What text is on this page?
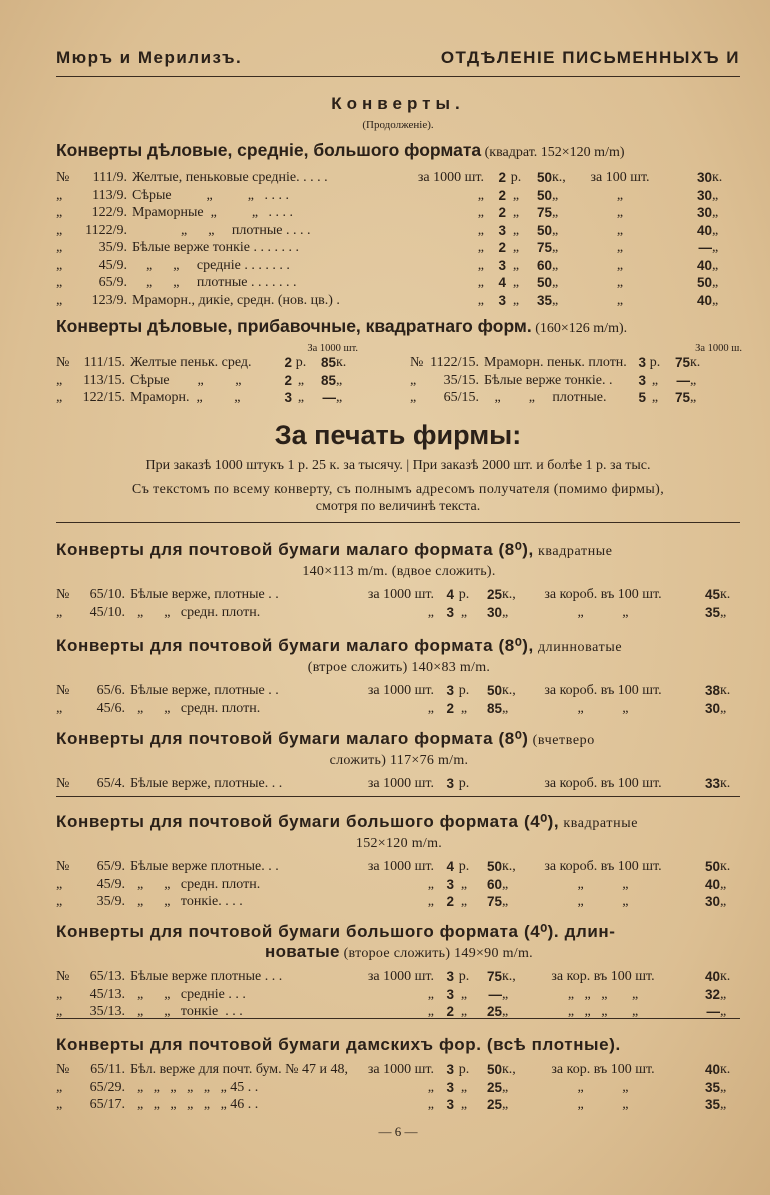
Мюръ и Мерилизъ.	ОТДѢЛЕНІЕ ПИСЬМЕННЫХЪ И
Конверты.
(Продолженіе).
Конверты дѣловые, средніе, большого формата (квадрат. 152×120 m/m)
№	111/9. Желтые, пеньковые средніе. . . . .	за 1000 шт.	2 р.	50 к.,	за 100 шт.	30 к.
„	113/9. Сѣрые          „          „   . . . .	„	2 „	50 „	„	30 „
„	122/9. Мраморные  „          „   . . . .	„	2 „	75 „	„	30 „
„	1122/9. „      „     плотные . . . .	„	3 „	50 „	„	40 „
„	35/9. Бѣлые верже тонкіе . . . . . . .	„	2 „	75 „	„	— „
„	45/9. „      „     средніе . . . . . . .	„	3 „	60 „	„	40 „
„	65/9. „      „     плотные . . . . . . .	„	4 „	50 „	„	50 „
„	123/9. Мраморн., дикіе, средн. (нов. цв.) .	„	3 „	35 „	„	40 „
Конверты дѣловые, прибавочные, квадратнаго форм. (160×126 m/m).
За 1000 шт.
№	111/15. Желтые пеньк. сред.	2 р.	85 к.
„	113/15. Сѣрые        „         „	2 „	85 „
„	122/15. Мраморн.  „         „	3 „	— „
За 1000 ш.
№ 1122/15. Мраморн. пеньк. плотн. 3 р.	75 к.
„	35/15. Бѣлые верже тонкіе. .	3 „	— „
„	65/15. „        „     плотные.	5 „	75 „
За печать фирмы:
При заказѣ 1000 штукъ 1 р. 25 к. за тысячу. | При заказѣ 2000 шт. и болѣе 1 р. за тыс.
Съ текстомъ по всему конверту, съ полнымъ адресомъ получателя (помимо фирмы),
смотря по величинѣ текста.
Конверты для почтовой бумаги малаго формата (8⁰), квадратные
140×113 m/m. (вдвое сложить).
№	65/10. Бѣлые верже, плотные . .	за 1000 шт. 4 р.	25 к.,	за короб. въ 100 шт.	45 к.
„	45/10. „      „   средн. плотн.	„ 3 „	30 „	„           „	35 „
Конверты для почтовой бумаги малаго формата (8⁰), длинноватые
(втрое сложить) 140×83 m/m.
№	65/6. Бѣлые верже, плотные . .	за 1000 шт. 3 р.	50 к.,	за короб. въ 100 шт.	38 к.
„	45/6. „      „   средн. плотн.	„ 2 „	85 „	„           „	30 „
Конверты для почтовой бумаги малаго формата (8⁰) (вчетверо
сложить) 117×76 m/m.
№	65/4. Бѣлые верже, плотные. . .	за 1000 шт. 3 р.	за короб. въ 100 шт.	33 к.
Конверты для почтовой бумаги большого формата (4⁰), квадратные
152×120 m/m.
№	65/9. Бѣлые верже плотные. . .	за 1000 шт. 4 р.	50 к.,	за короб. въ 100 шт.	50 к.
„	45/9. „      „   средн. плотн.	„ 3 „	60 „	„           „	40 „
„	35/9. „      „   тонкіе. . . .	„ 2 „	75 „	„           „	30 „
Конверты для почтовой бумаги большого формата (4⁰). длин-
новатые (второе сложить) 149×90 m/m.
№	65/13. Бѣлые верже плотные . . .	за 1000 шт. 3 р.	75 к.,	за кор. въ 100 шт.	40 к.
„	45/13. „      „   средніе . . .	„ 3 „	— „	„   „   „       „	32 „
„	35/13. „      „   тонкіе  . . .	„ 2 „	25 „	„   „   „       „	— „
Конверты для почтовой бумаги дамскихъ фор. (всѣ плотные).
№	65/11. Бѣл. верже для почт. бум. № 47 и 48,	за 1000 шт. 3 р.	50 к.,	за кор. въ 100 шт.	40 к.
„	65/29. „   „   „   „   „   „ 45 . .	„ 3 „	25 „	„           „	35 „
„	65/17. „   „   „   „   „   „ 46 . .	„ 3 „	25 „	„           „	35 „
— 6 —
